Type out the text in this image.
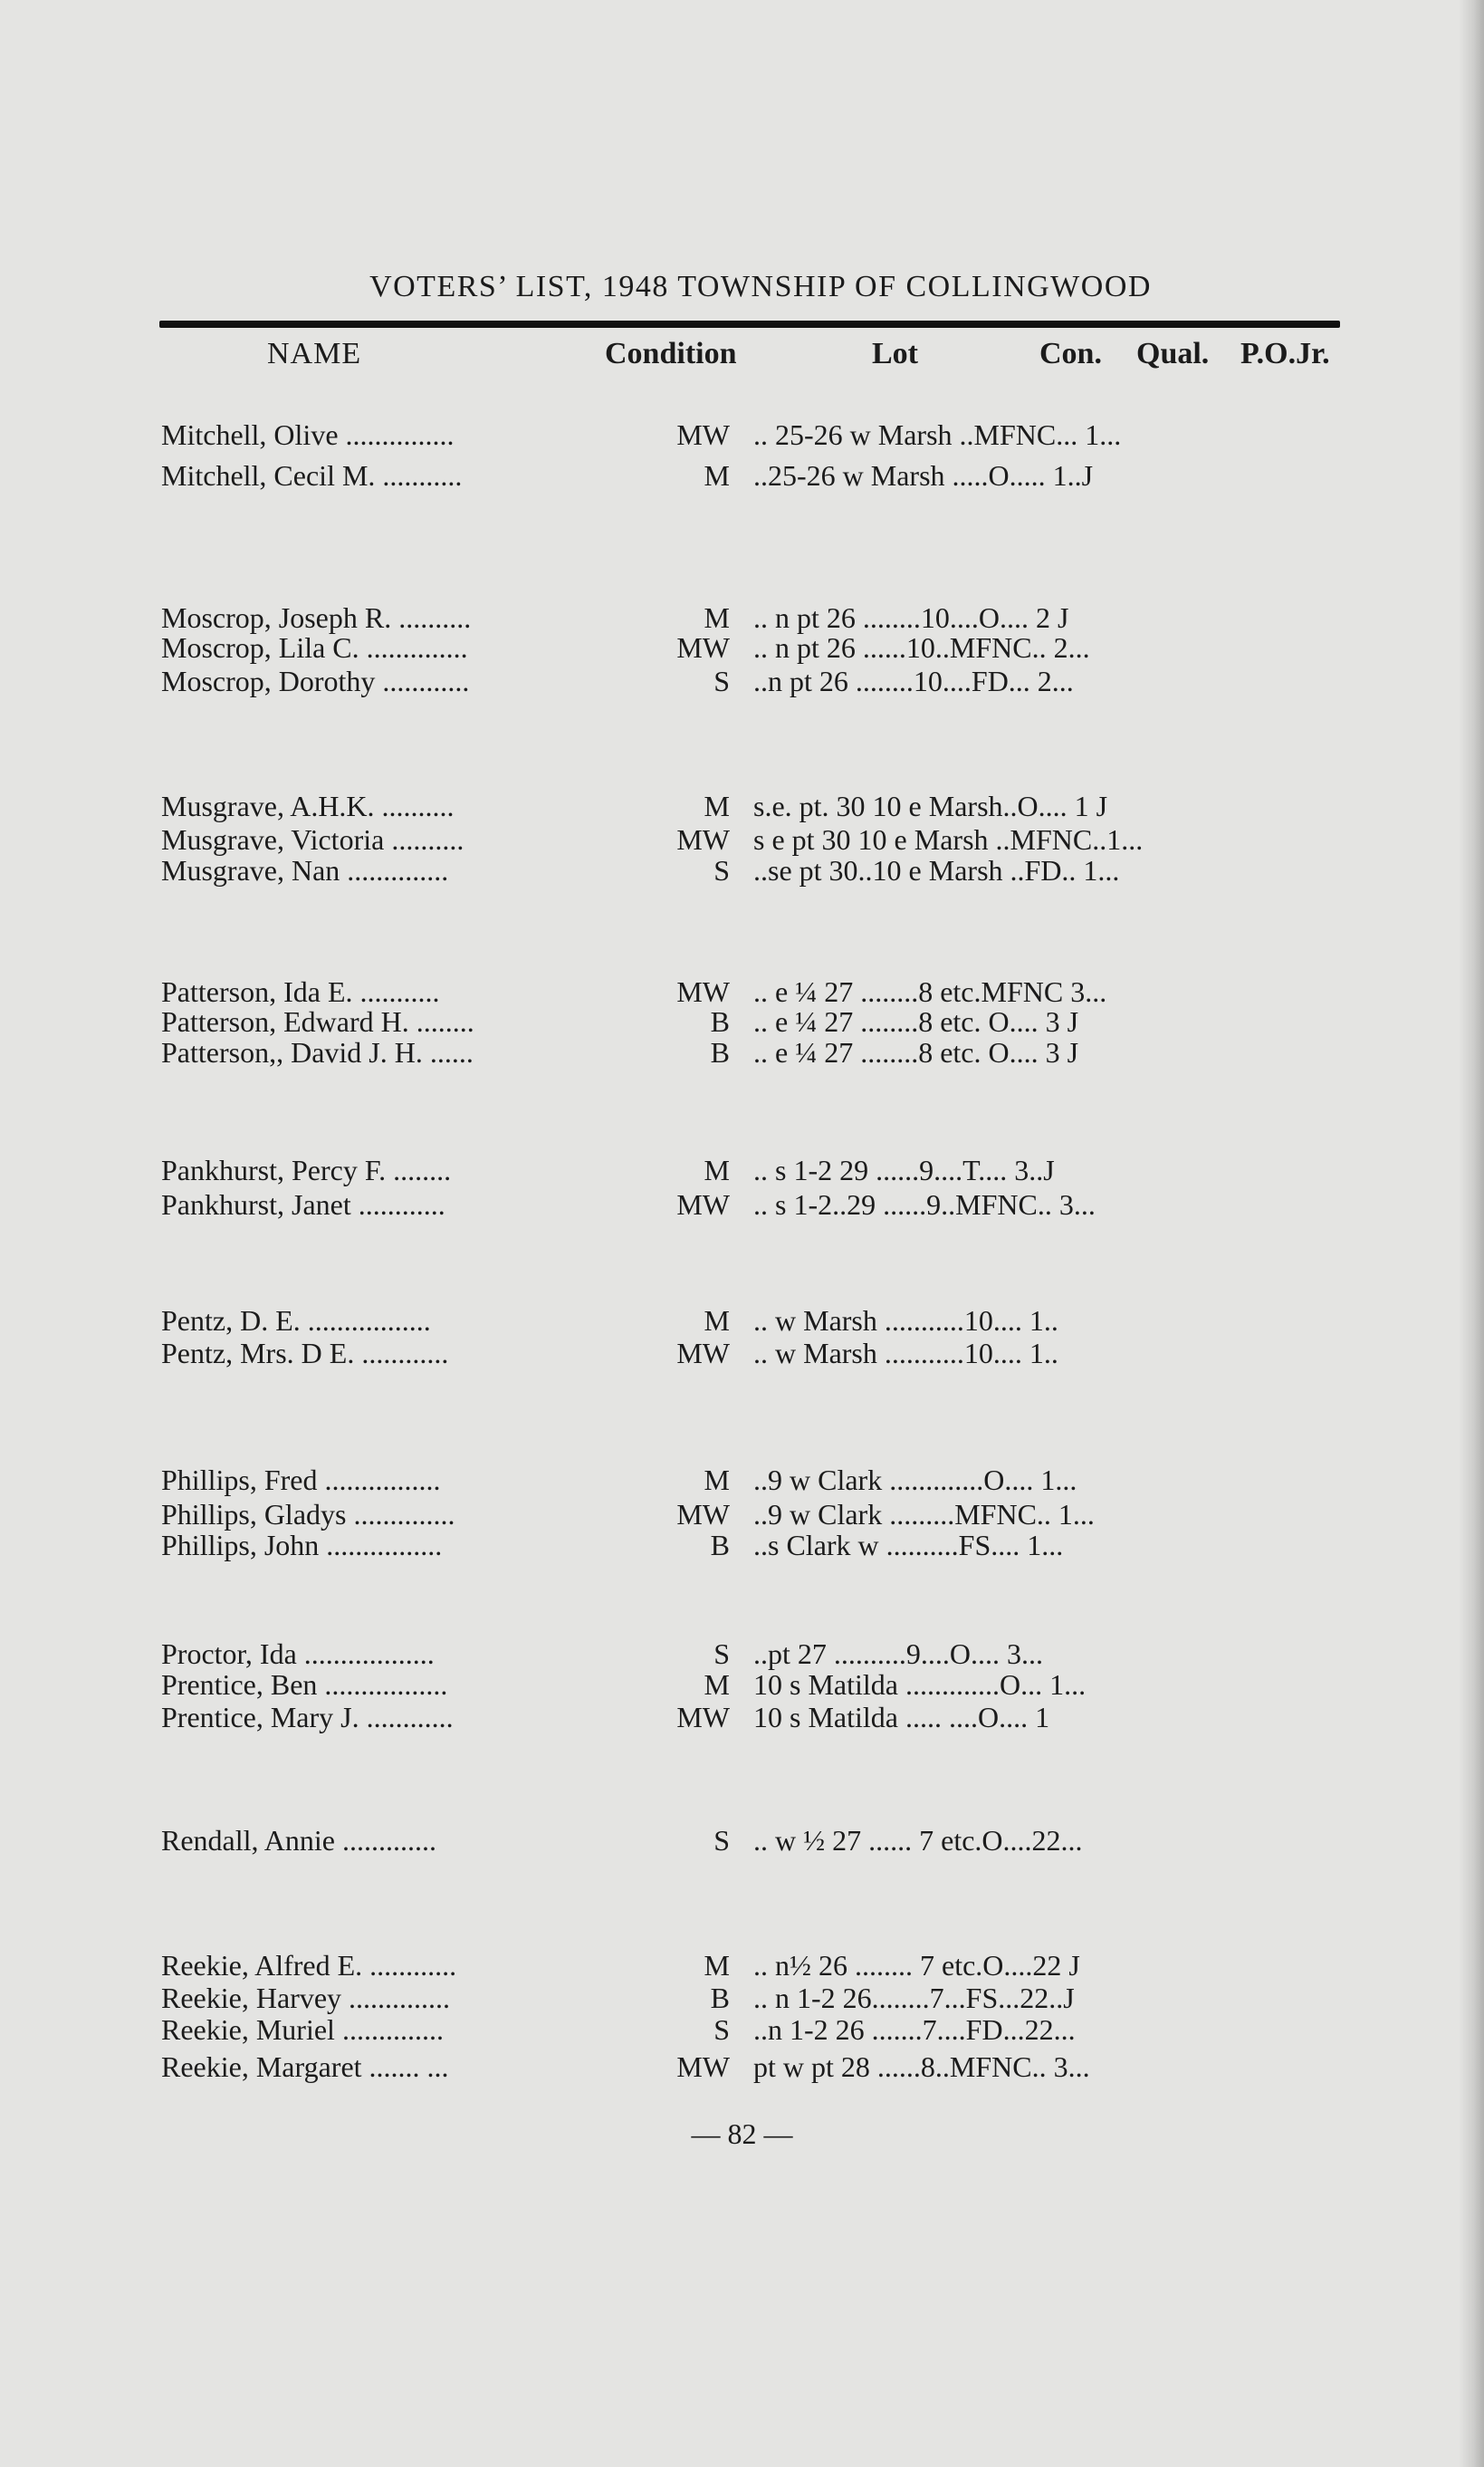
VOTERS’ LIST, 1948 TOWNSHIP OF COLLINGWOOD
NAME	Condition	Lot	Con. Qual. P.O.Jr.
Mitchell, Olive ...............	MW .. 25-26 w Marsh ..MFNC... 1...
Mitchell, Cecil M. ...........	M ..25-26 w Marsh .....O..... 1..J
Moscrop, Joseph R. ..........	M .. n pt 26 ........10....O.... 2 J
Moscrop, Lila C. ..............	MW .. n pt 26 ......10..MFNC.. 2...
Moscrop, Dorothy ............	S ..n pt 26 ........10....FD... 2...
Musgrave, A.H.K. ..........	M s.e. pt. 30 10 e Marsh..O.... 1 J
Musgrave, Victoria ..........	MW s e pt 30 10 e Marsh ..MFNC..1...
Musgrave, Nan ..............	S ..se pt 30..10 e Marsh ..FD.. 1...
Patterson, Ida E. ...........	MW .. e ¼ 27 ........8 etc.MFNC 3...
Patterson, Edward H. ........	B .. e ¼ 27 ........8 etc. O.... 3 J
Patterson,, David J. H. ......	B .. e ¼ 27 ........8 etc. O.... 3 J
Pankhurst, Percy F. ........	M .. s 1-2 29 ......9....T.... 3..J
Pankhurst, Janet ............	MW .. s 1-2..29 ......9..MFNC.. 3...
Pentz, D. E. .................	M .. w Marsh ...........10.... 1..
Pentz, Mrs. D E. ............	MW .. w Marsh ...........10.... 1..
Phillips, Fred ................	M ..9 w Clark .............O.... 1...
Phillips, Gladys ..............	MW ..9 w Clark .........MFNC.. 1...
Phillips, John ................	B ..s Clark w ..........FS.... 1...
Proctor, Ida ..................	S ..pt 27 ..........9....O.... 3...
Prentice, Ben .................	M 10 s Matilda .............O... 1...
Prentice, Mary J. ............	MW 10 s Matilda ..... ....O.... 1
Rendall, Annie .............	S .. w ½ 27 ...... 7 etc.O....22...
Reekie, Alfred E. ............	M .. n½ 26 ........ 7 etc.O....22 J
Reekie, Harvey ..............	B .. n 1-2 26........7...FS...22..J
Reekie, Muriel ..............	S ..n 1-2 26 .......7....FD...22...
Reekie, Margaret ....... ...	MW pt w pt 28 ......8..MFNC.. 3...
— 82 —
